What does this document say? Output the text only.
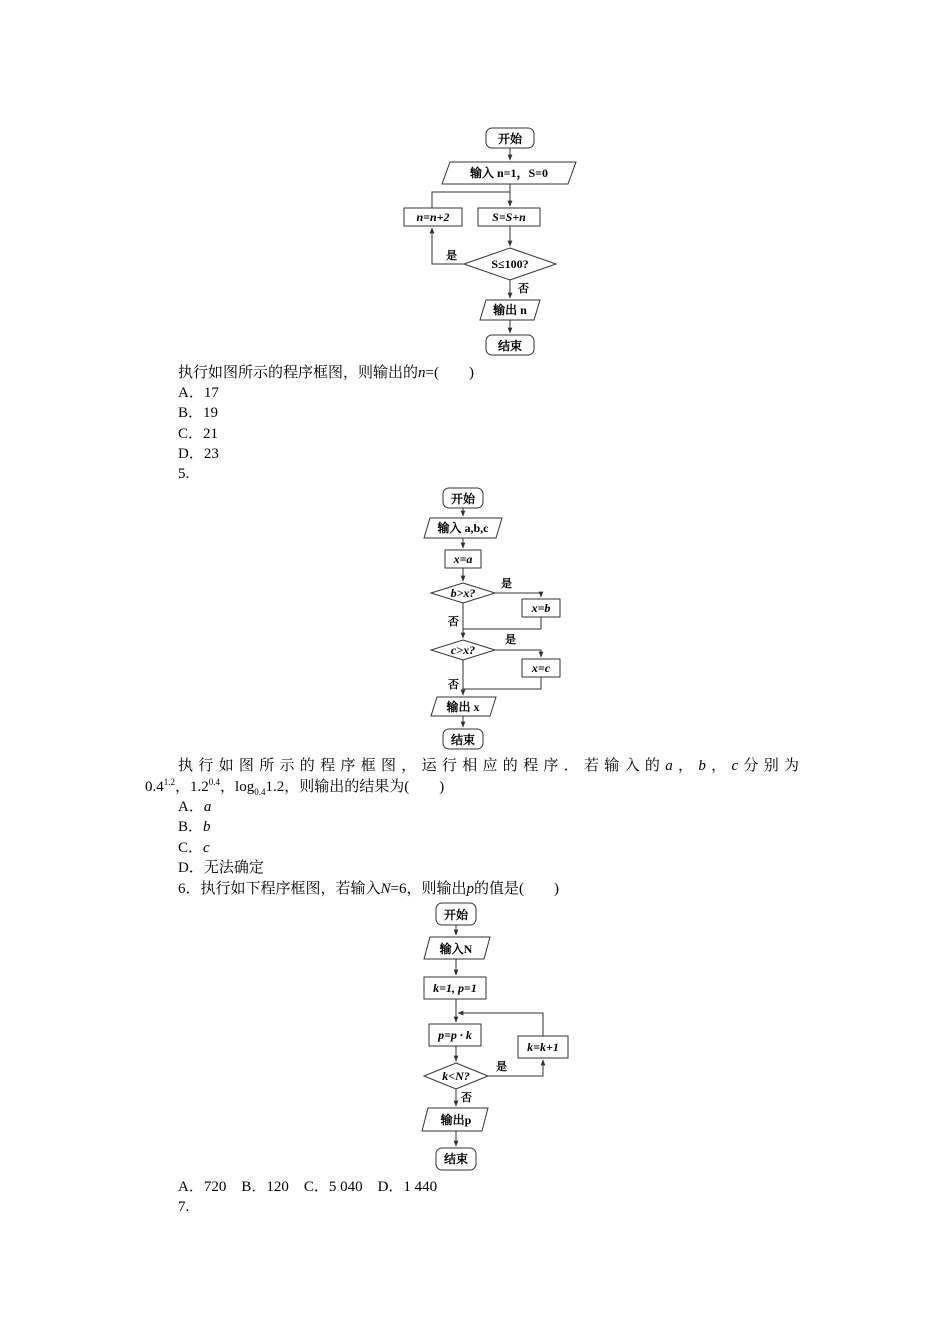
开始
输入 n=1，S=0
S=S+n
n=n+2
S≤100?
是
否
输出 n
结束
执行如图所示的程序框图，则输出的n=(　　)
A．17
B．19
C．21
D．23
5.
开始
输入 a,b,c
x=a
b>x?
是
x=b
否
c>x?
是
x=c
否
输出 x
结束
执行如图所示的程序框图，运行相应的程序．若输入的a，b，c分别为
$0.4^{1.2}$，$1.2^{0.4}$，$\log_{0.4}1.2$，则输出的结果为(　　)
A．a
B．b
C．c
D．无法确定
6．执行如下程序框图，若输入N=6，则输出p的值是(　　)
开始
输入N
k=1, p=1
p=p · k
k=k+1
k<N?
是
否
输出p
结束
A．720　B．120　C．5 040　D．1 440
7.
